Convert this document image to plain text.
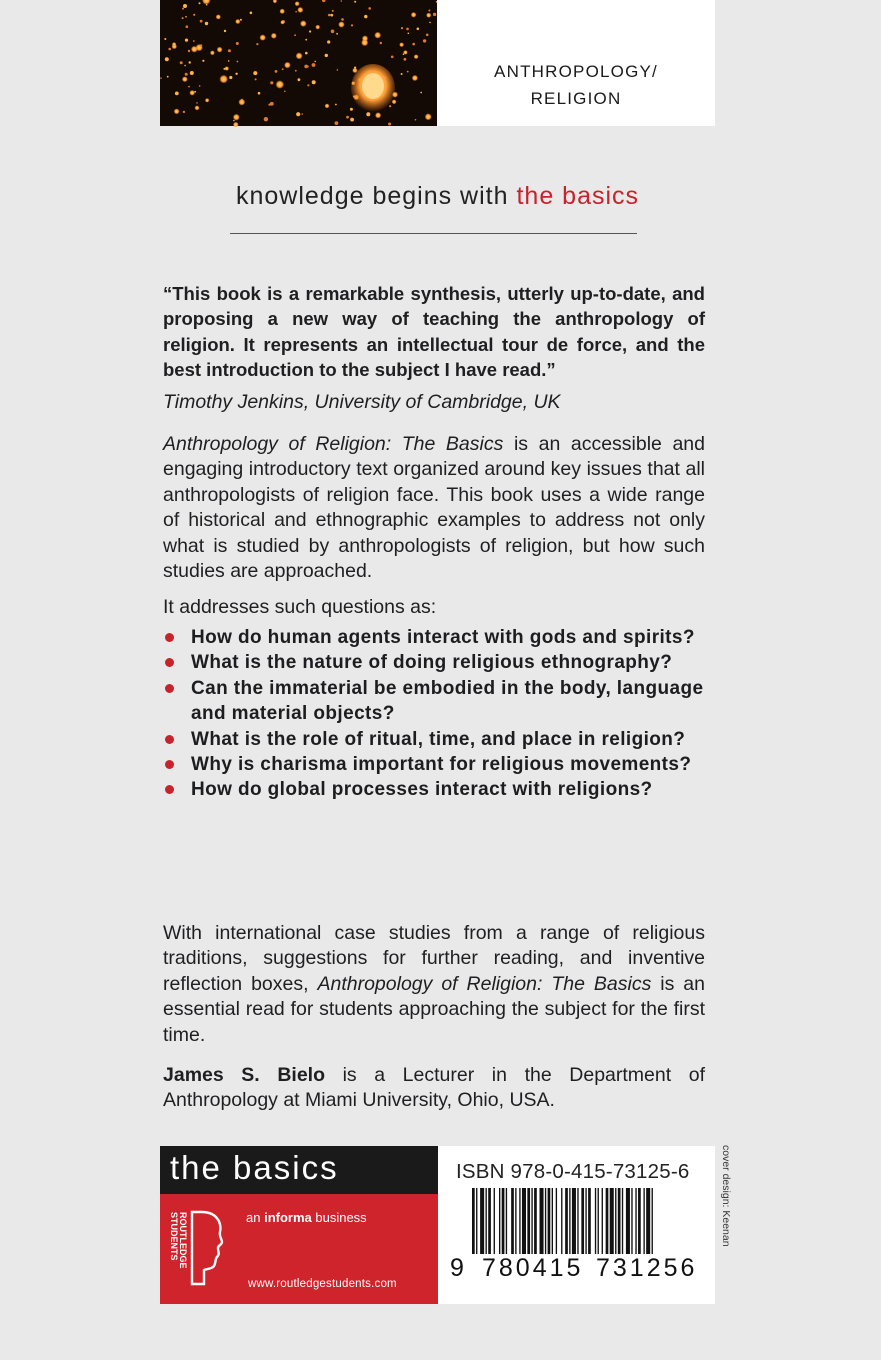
ANTHROPOLOGY/
RELIGION
knowledge begins with the basics
“This book is a remarkable synthesis, utterly up-to-date, and proposing a new way of teaching the anthropology of religion. It represents an intellectual tour de force, and the best introduction to the subject I have read.”
Timothy Jenkins, University of Cambridge, UK
Anthropology of Religion: The Basics is an accessible and engaging introductory text organized around key issues that all anthropologists of religion face. This book uses a wide range of historical and ethnographic examples to address not only what is studied by anthropologists of religion, but how such studies are approached.
It addresses such questions as:
How do human agents interact with gods and spirits?
What is the nature of doing religious ethnography?
Can the immaterial be embodied in the body, language and material objects?
What is the role of ritual, time, and place in religion?
Why is charisma important for religious movements?
How do global processes interact with religions?
With international case studies from a range of religious traditions, suggestions for further reading, and inventive reflection boxes, Anthropology of Religion: The Basics is an essential read for students approaching the subject for the first time.
James S. Bielo is a Lecturer in the Department of Anthropology at Miami University, Ohio, USA.
the basics
ROUTLEDGE
STUDENTS	an informa business
www.routledgestudents.com
ISBN 978-0-415-73125-6
9 780415 731256
cover design: Keenan
